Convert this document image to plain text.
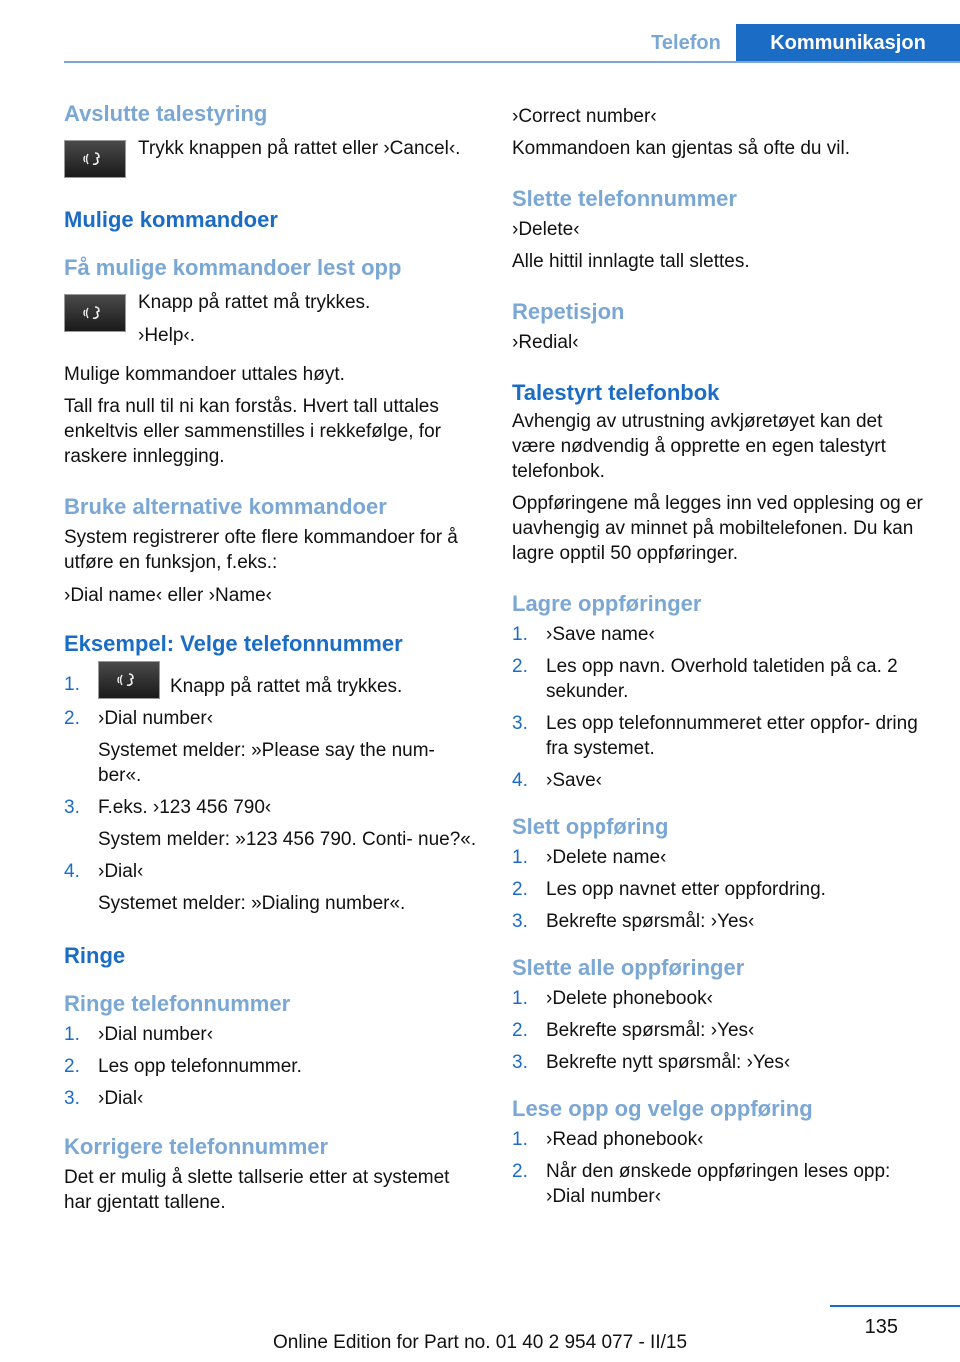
Telefon	Kommunikasjon
Avslutte talestyring

Trykk knappen på rattet eller ›Cancel‹.

Mulige kommandoer
Få mulige kommandoer lest opp

Knapp på rattet må trykkes.

›Help‹.

Mulige kommandoer uttales høyt.

Tall fra null til ni kan forstås. Hvert tall uttales enkeltvis eller sammenstilles i rekkefølge, for raskere innlegging.

Bruke alternative kommandoer

System registrerer ofte flere kommandoer for å utføre en funksjon, f.eks.:

›Dial name‹ eller ›Name‹

Eksempel: Velge telefonnummer
1.	Knapp på rattet må trykkes.
2. ›Dial number‹
Systemet melder: »Please say the num‐ ber«.
3. F.eks. ›123 456 790‹
System melder: »123 456 790. Conti‐ nue?«.
4. ›Dial‹
Systemet melder: »Dialing number«.
Ringe
Ringe telefonnummer
1. ›Dial number‹
2. Les opp telefonnummer.
3. ›Dial‹
Korrigere telefonnummer

Det er mulig å slette tallserie etter at systemet har gjentatt tallene.

›Correct number‹

Kommandoen kan gjentas så ofte du vil.

Slette telefonnummer

›Delete‹

Alle hittil innlagte tall slettes.

Repetisjon

›Redial‹

Talestyrt telefonbok

Avhengig av utrustning avkjøretøyet kan det være nødvendig å opprette en egen talestyrt telefonbok.

Oppføringene må legges inn ved opplesing og er uavhengig av minnet på mobiltelefonen. Du kan lagre opptil 50 oppføringer.

Lagre oppføringer
1. ›Save name‹
2. Les opp navn. Overhold taletiden på ca. 2 sekunder.
3. Les opp telefonnummeret etter oppfor‐ dring fra systemet.
4. ›Save‹
Slett oppføring
1. ›Delete name‹
2. Les opp navnet etter oppfordring.
3. Bekrefte spørsmål: ›Yes‹
Slette alle oppføringer
1. ›Delete phonebook‹
2. Bekrefte spørsmål: ›Yes‹
3. Bekrefte nytt spørsmål: ›Yes‹
Lese opp og velge oppføring
1. ›Read phonebook‹
2. Når den ønskede oppføringen leses opp: ›Dial number‹
135
Online Edition for Part no. 01 40 2 954 077 - II/15
